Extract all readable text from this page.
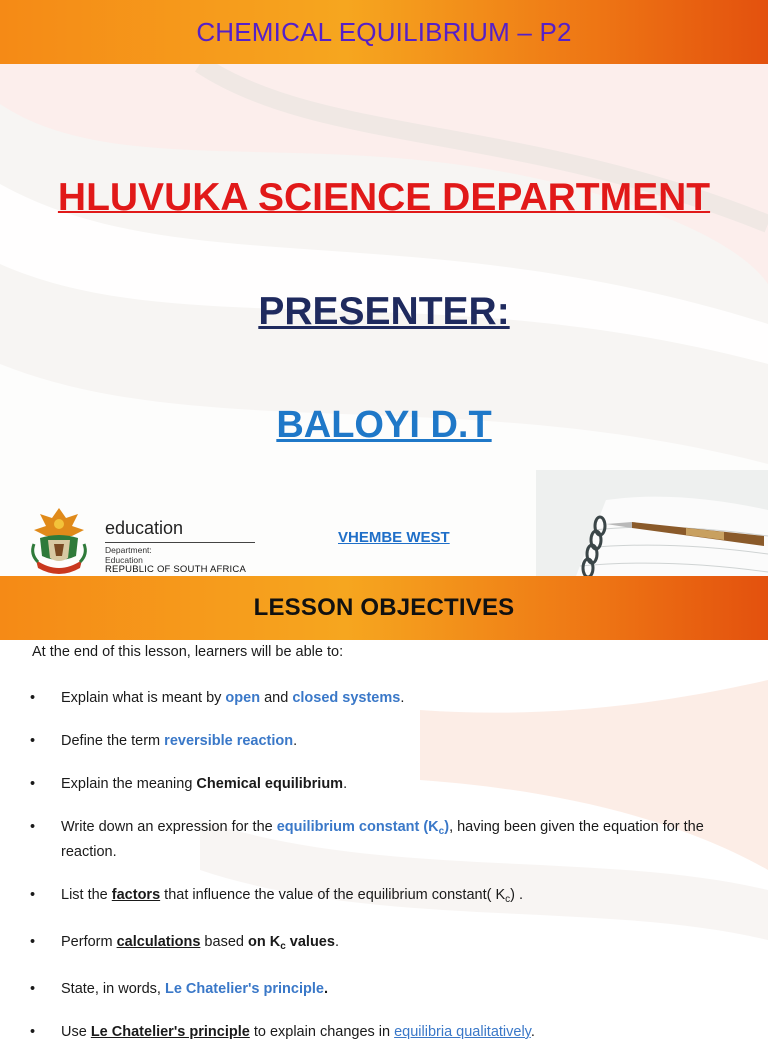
CHEMICAL EQUILIBRIUM – P2
HLUVUKA SCIENCE DEPARTMENT
PRESENTER:
BALOYI D.T
education
Department:
Education
REPUBLIC OF SOUTH AFRICA
VHEMBE WEST
LESSON OBJECTIVES
At the end of this lesson, learners will be able to:
• Explain what is meant by open and closed systems.
• Define the term reversible reaction.
• Explain the meaning Chemical equilibrium.
• Write down an expression for the equilibrium constant $(K_c)$, having been given the equation for the reaction.
• List the factors that influence the value of the equilibrium constant( $K_c$) .
• Perform calculations based on $K_c$ values.
• State, in words, Le Chatelier's principle.
• Use Le Chatelier's principle to explain changes in equilibria qualitatively.
